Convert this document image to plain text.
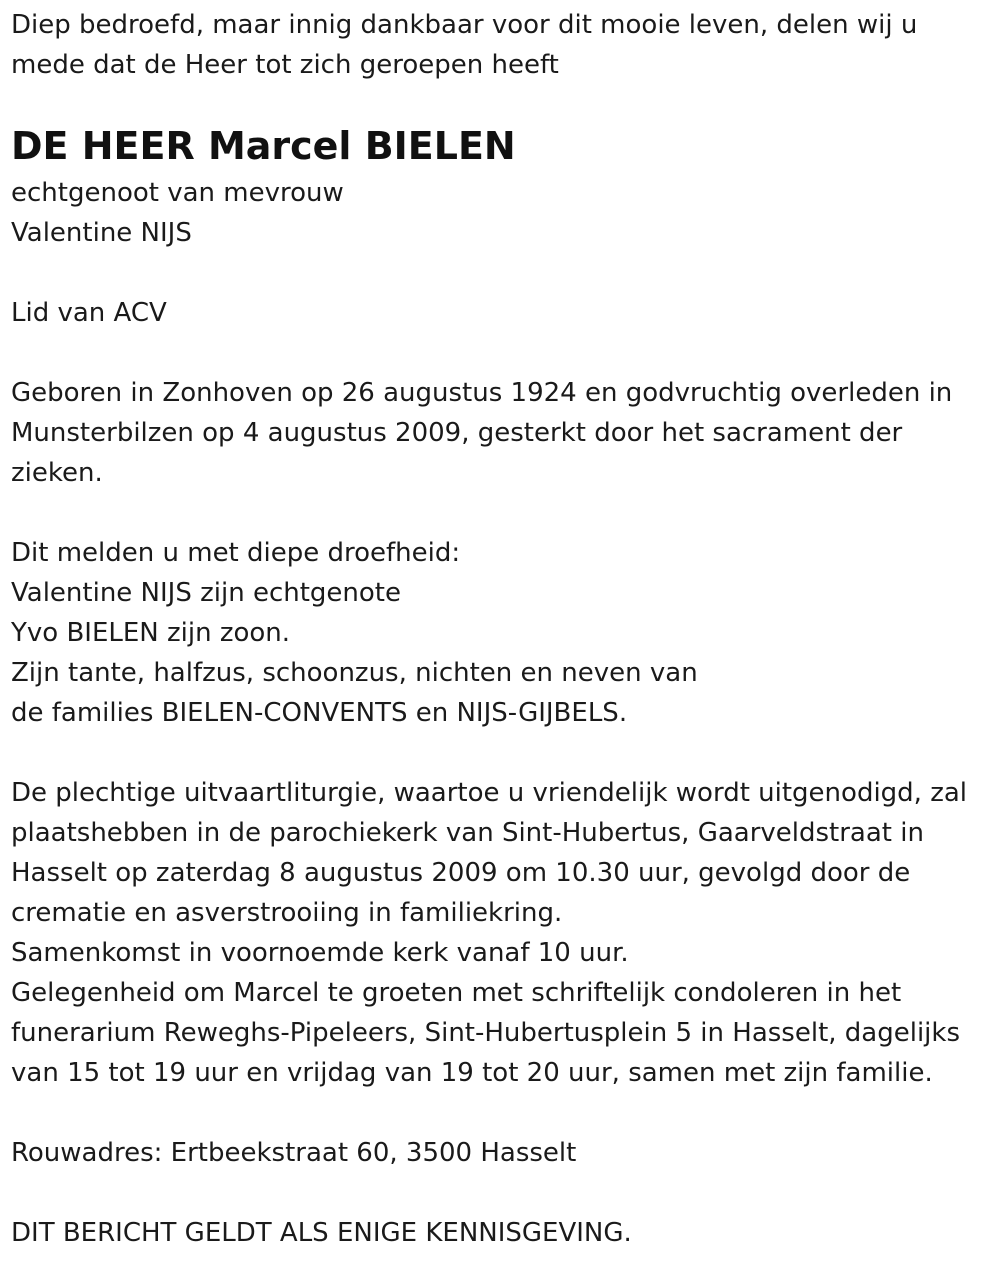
Diep bedroefd, maar innig dankbaar voor dit mooie leven, delen wij u
mede dat de Heer tot zich geroepen heeft
DE HEER Marcel BIELEN
echtgenoot van mevrouw
Valentine NIJS
Lid van ACV
Geboren in Zonhoven op 26 augustus 1924 en godvruchtig overleden in
Munsterbilzen op 4 augustus 2009, gesterkt door het sacrament der
zieken.
Dit melden u met diepe droefheid:
Valentine NIJS zijn echtgenote
Yvo BIELEN zijn zoon.
Zijn tante, halfzus, schoonzus, nichten en neven van
de families BIELEN-CONVENTS en NIJS-GIJBELS.
De plechtige uitvaartliturgie, waartoe u vriendelijk wordt uitgenodigd, zal
plaatshebben in de parochiekerk van Sint-Hubertus, Gaarveldstraat in
Hasselt op zaterdag 8 augustus 2009 om 10.30 uur, gevolgd door de
crematie en asverstrooiing in familiekring.
Samenkomst in voornoemde kerk vanaf 10 uur.
Gelegenheid om Marcel te groeten met schriftelijk condoleren in het
funerarium Reweghs-Pipeleers, Sint-Hubertusplein 5 in Hasselt, dagelijks
van 15 tot 19 uur en vrijdag van 19 tot 20 uur, samen met zijn familie.
Rouwadres: Ertbeekstraat 60, 3500 Hasselt
DIT BERICHT GELDT ALS ENIGE KENNISGEVING.
